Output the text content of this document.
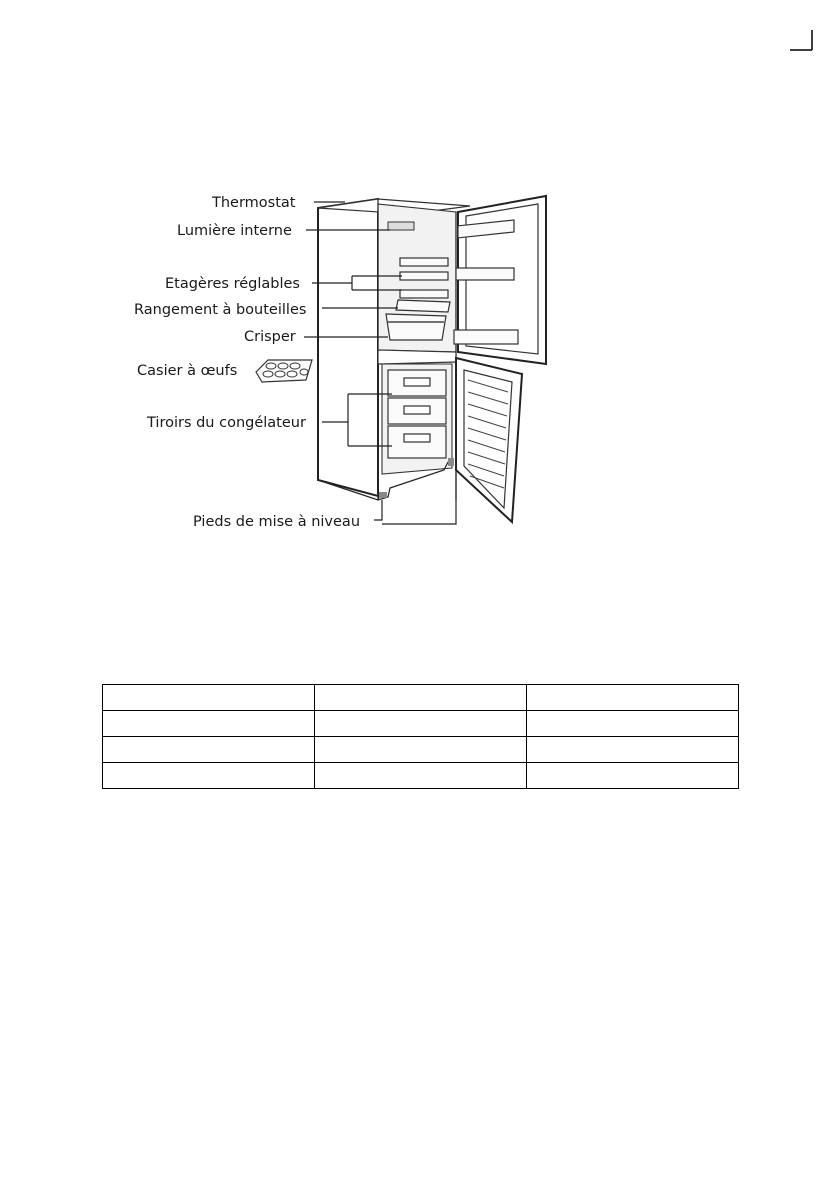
Thermostat
Lumière interne
Etagères réglables
Rangement à bouteilles
Crisper
Casier à œufs
Tiroirs du congélateur
Pieds de mise à niveau
